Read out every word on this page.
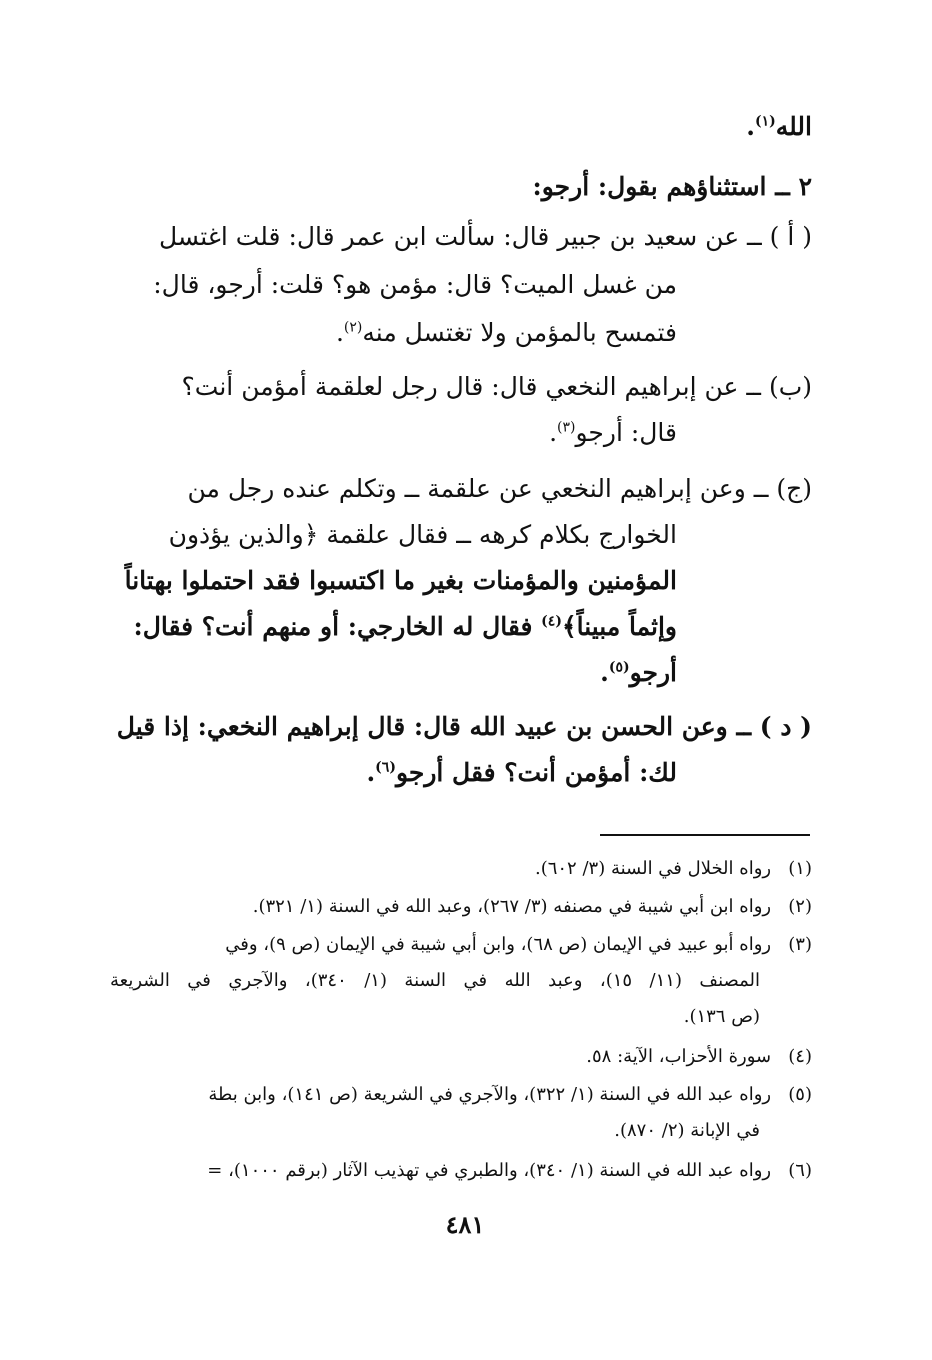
الله$^{(١)}$.
٢ ــ استثناؤهم بقول: أرجو:
( أ ) ــ عن سعيد بن جبير قال: سألت ابن عمر قال: قلت اغتسل
من غسل الميت؟ قال: مؤمن هو؟ قلت: أرجو، قال:
فتمسح بالمؤمن ولا تغتسل منه$^{(٢)}$.
(ب) ــ عن إبراهيم النخعي قال: قال رجل لعلقمة أمؤمن أنت؟
قال: أرجو$^{(٣)}$.
(ج) ــ وعن إبراهيم النخعي عن علقمة ــ وتكلم عنده رجل من
الخوارج بكلام كرهه ــ فقال علقمة ﴿والذين يؤذون
المؤمنين والمؤمنات بغير ما اكتسبوا فقد احتملوا بهتاناً
وإثماً مبيناً﴾$^{(٤)}$ فقال له الخارجي: أو منهم أنت؟ فقال:
أرجو$^{(٥)}$.
( د ) ــ وعن الحسن بن عبيد الله قال: قال إبراهيم النخعي: إذا قيل
لك: أمؤمن أنت؟ فقل أرجو$^{(٦)}$.
(١)   رواه الخلال في السنة (٣/ ٦٠٢).
(٢)   رواه ابن أبي شيبة في مصنفه (٣/ ٢٦٧)، وعبد الله في السنة (١/ ٣٢١).
(٣)   رواه أبو عبيد في الإيمان (ص ٦٨)، وابن أبي شيبة في الإيمان (ص ٩)، وفي
المصنف (١١/ ١٥)، وعبد الله في السنة (١/ ٣٤٠)، والآجري في الشريعة
(ص ١٣٦).
(٤)   سورة الأحزاب، الآية: ٥٨.
(٥)   رواه عبد الله في السنة (١/ ٣٢٢)، والآجري في الشريعة (ص ١٤١)، وابن بطة
في الإبانة (٢/ ٨٧٠).
(٦)   رواه عبد الله في السنة (١/ ٣٤٠)، والطبري في تهذيب الآثار (برقم ١٠٠٠)، =
٤٨١
